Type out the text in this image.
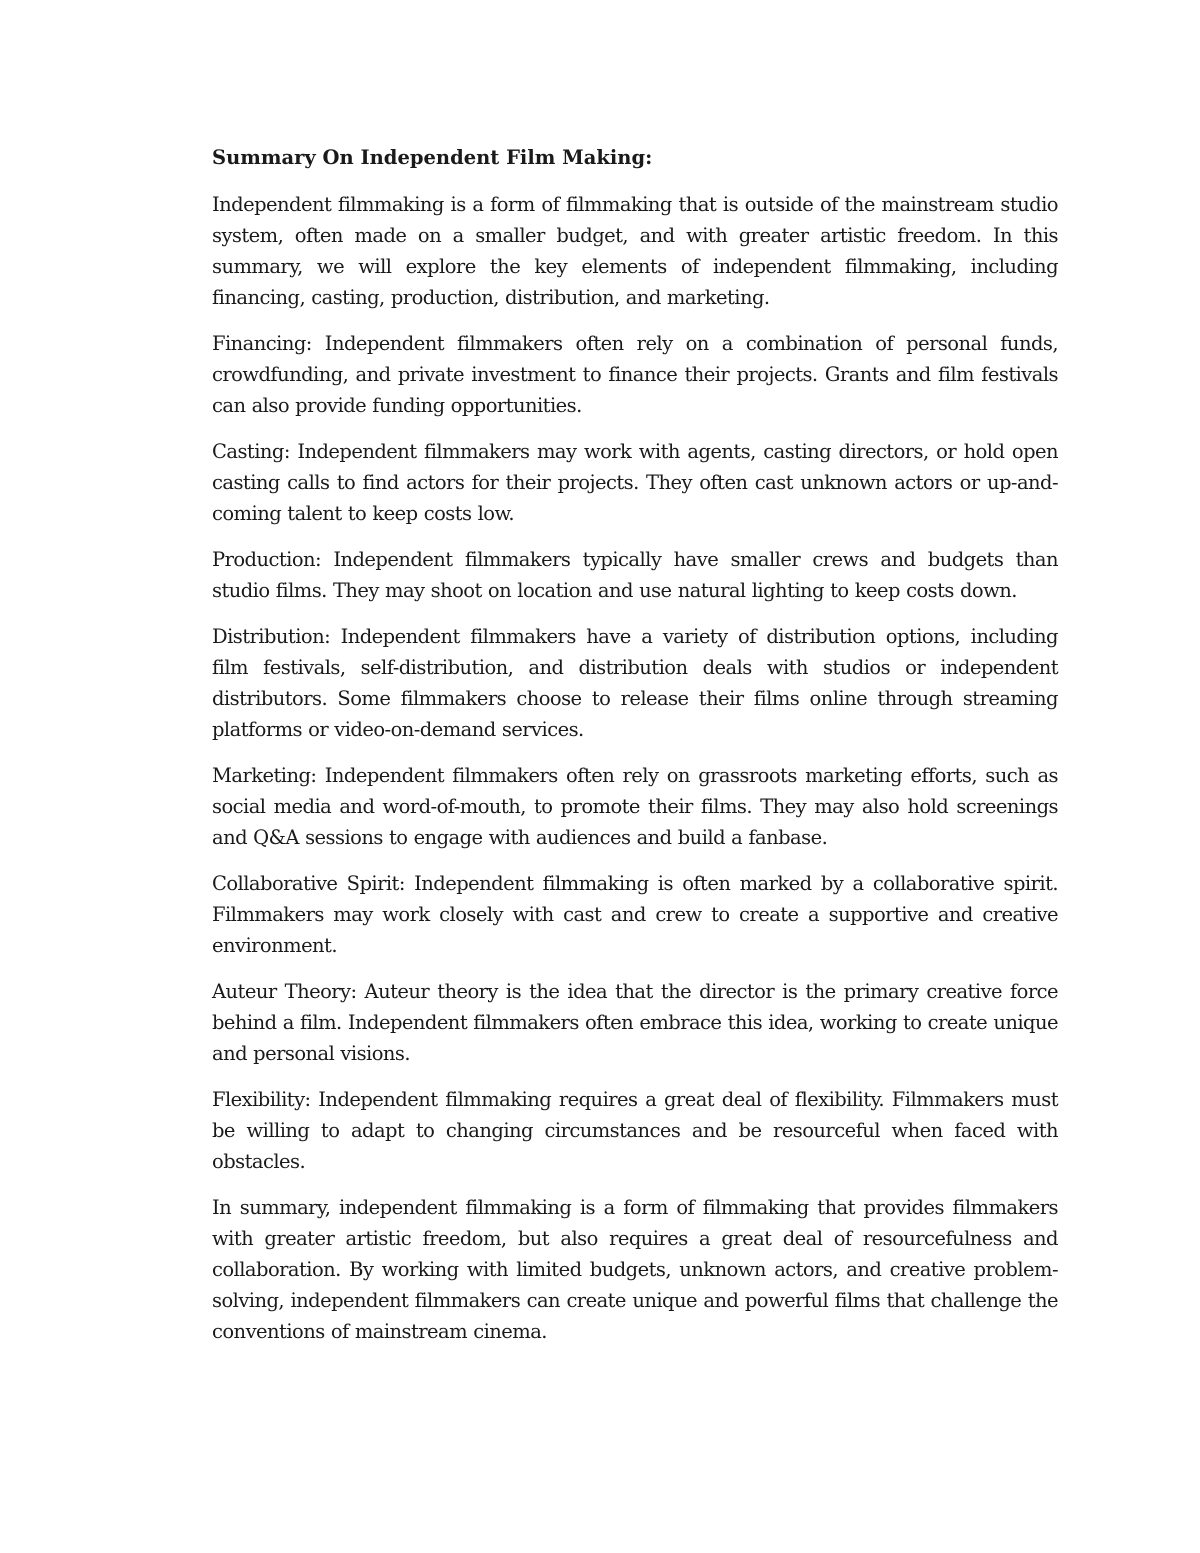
Summary On Independent Film Making:

Independent filmmaking is a form of filmmaking that is outside of the mainstream studio system, often made on a smaller budget, and with greater artistic freedom. In this summary, we will explore the key elements of independent filmmaking, including financing, casting, production, distribution, and marketing.

Financing: Independent filmmakers often rely on a combination of personal funds, crowdfunding, and private investment to finance their projects. Grants and film festivals can also provide funding opportunities.

Casting: Independent filmmakers may work with agents, casting directors, or hold open casting calls to find actors for their projects. They often cast unknown actors or up-and-coming talent to keep costs low.

Production: Independent filmmakers typically have smaller crews and budgets than studio films. They may shoot on location and use natural lighting to keep costs down.

Distribution: Independent filmmakers have a variety of distribution options, including film festivals, self-distribution, and distribution deals with studios or independent distributors. Some filmmakers choose to release their films online through streaming platforms or video-on-demand services.

Marketing: Independent filmmakers often rely on grassroots marketing efforts, such as social media and word-of-mouth, to promote their films. They may also hold screenings and Q&A sessions to engage with audiences and build a fanbase.

Collaborative Spirit: Independent filmmaking is often marked by a collaborative spirit. Filmmakers may work closely with cast and crew to create a supportive and creative environment.

Auteur Theory: Auteur theory is the idea that the director is the primary creative force behind a film. Independent filmmakers often embrace this idea, working to create unique and personal visions.

Flexibility: Independent filmmaking requires a great deal of flexibility. Filmmakers must be willing to adapt to changing circumstances and be resourceful when faced with obstacles.

In summary, independent filmmaking is a form of filmmaking that provides filmmakers with greater artistic freedom, but also requires a great deal of resourcefulness and collaboration. By working with limited budgets, unknown actors, and creative problem-solving, independent filmmakers can create unique and powerful films that challenge the conventions of mainstream cinema.
